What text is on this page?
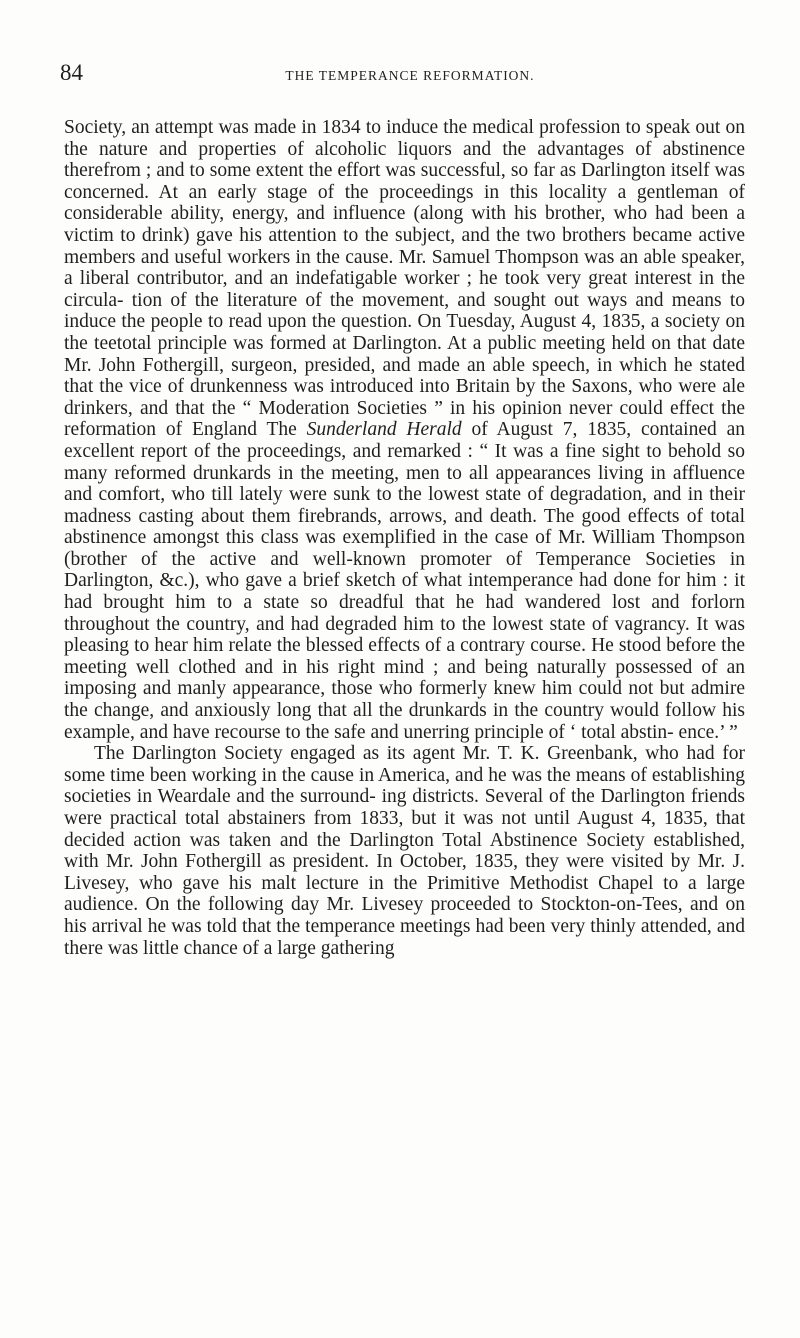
84	THE TEMPERANCE REFORMATION.

Society, an attempt was made in 1834 to induce the medical profession to speak out on the nature and properties of alcoholic liquors and the advantages of abstinence therefrom ; and to some extent the effort was successful, so far as Darlington itself was concerned. At an early stage of the proceedings in this locality a gentleman of considerable ability, energy, and influence (along with his brother, who had been a victim to drink) gave his attention to the subject, and the two brothers became active members and useful workers in the cause. Mr. Samuel Thompson was an able speaker, a liberal contributor, and an indefatigable worker ; he took very great interest in the circula- tion of the literature of the movement, and sought out ways and means to induce the people to read upon the question. On Tuesday, August 4, 1835, a society on the teetotal principle was formed at Darlington. At a public meeting held on that date Mr. John Fothergill, surgeon, presided, and made an able speech, in which he stated that the vice of drunkenness was introduced into Britain by the Saxons, who were ale drinkers, and that the “ Moderation Societies ” in his opinion never could effect the reformation of England The Sunderland Herald of August 7, 1835, contained an excellent report of the proceedings, and remarked : “ It was a fine sight to behold so many reformed drunkards in the meeting, men to all appearances living in affluence and comfort, who till lately were sunk to the lowest state of degradation, and in their madness casting about them firebrands, arrows, and death. The good effects of total abstinence amongst this class was exemplified in the case of Mr. William Thompson (brother of the active and well-known promoter of Temperance Societies in Darlington, &c.), who gave a brief sketch of what intemperance had done for him : it had brought him to a state so dreadful that he had wandered lost and forlorn throughout the country, and had degraded him to the lowest state of vagrancy. It was pleasing to hear him relate the blessed effects of a contrary course. He stood before the meeting well clothed and in his right mind ; and being naturally possessed of an imposing and manly appearance, those who formerly knew him could not but admire the change, and anxiously long that all the drunkards in the country would follow his example, and have recourse to the safe and unerring principle of ‘ total abstin- ence.’ ”

The Darlington Society engaged as its agent Mr. T. K. Greenbank, who had for some time been working in the cause in America, and he was the means of establishing societies in Weardale and the surround- ing districts. Several of the Darlington friends were practical total abstainers from 1833, but it was not until August 4, 1835, that decided action was taken and the Darlington Total Abstinence Society established, with Mr. John Fothergill as president. In October, 1835, they were visited by Mr. J. Livesey, who gave his malt lecture in the Primitive Methodist Chapel to a large audience. On the following day Mr. Livesey proceeded to Stockton-on-Tees, and on his arrival he was told that the temperance meetings had been very thinly attended, and there was little chance of a large gathering
